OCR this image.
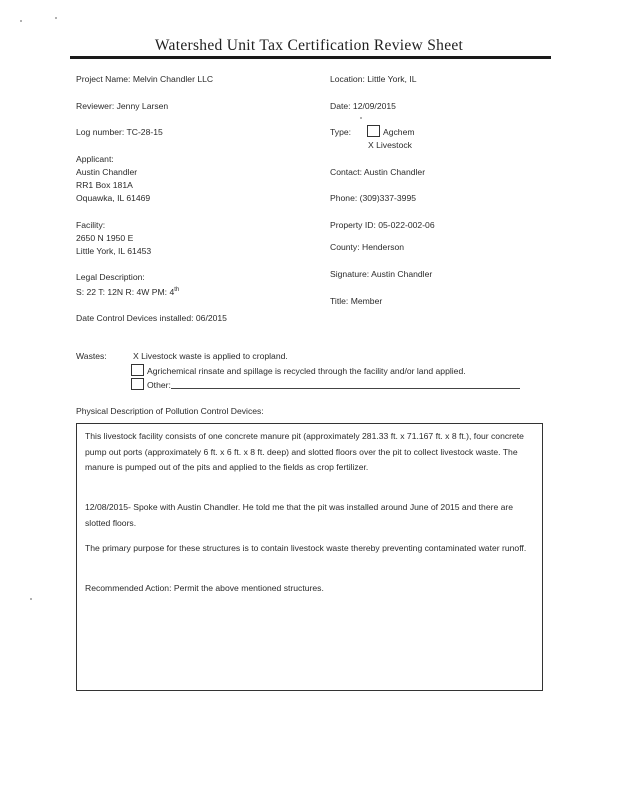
Watershed Unit Tax Certification Review Sheet
Project Name: Melvin Chandler LLC
Reviewer: Jenny Larsen
Log number: TC-28-15
Applicant:
Austin Chandler
RR1 Box 181A
Oquawka, IL 61469
Facility:
2650 N 1950 E
Little York, IL 61453
Legal Description:
S: 22 T: 12N R: 4W PM: 4th
Date Control Devices installed: 06/2015
Location: Little York, IL
Date: 12/09/2015
Type:	Agchem
X Livestock
Contact: Austin Chandler
Phone: (309)337-3995
Property ID: 05-022-002-06
County: Henderson
Signature: Austin Chandler
Title: Member
Wastes:	X Livestock waste is applied to cropland.
Agrichemical rinsate and spillage is recycled through the facility and/or land applied.
Other:
Physical Description of Pollution Control Devices:
This livestock facility consists of one concrete manure pit (approximately 281.33 ft. x 71.167 ft. x 8 ft.), four concrete pump out ports (approximately 6 ft. x 6 ft. x 8 ft. deep) and slotted floors over the pit to collect livestock waste. The manure is pumped out of the pits and applied to the fields as crop fertilizer.
12/08/2015- Spoke with Austin Chandler. He told me that the pit was installed around June of 2015 and there are slotted floors.
The primary purpose for these structures is to contain livestock waste thereby preventing contaminated water runoff.
Recommended Action: Permit the above mentioned structures.
